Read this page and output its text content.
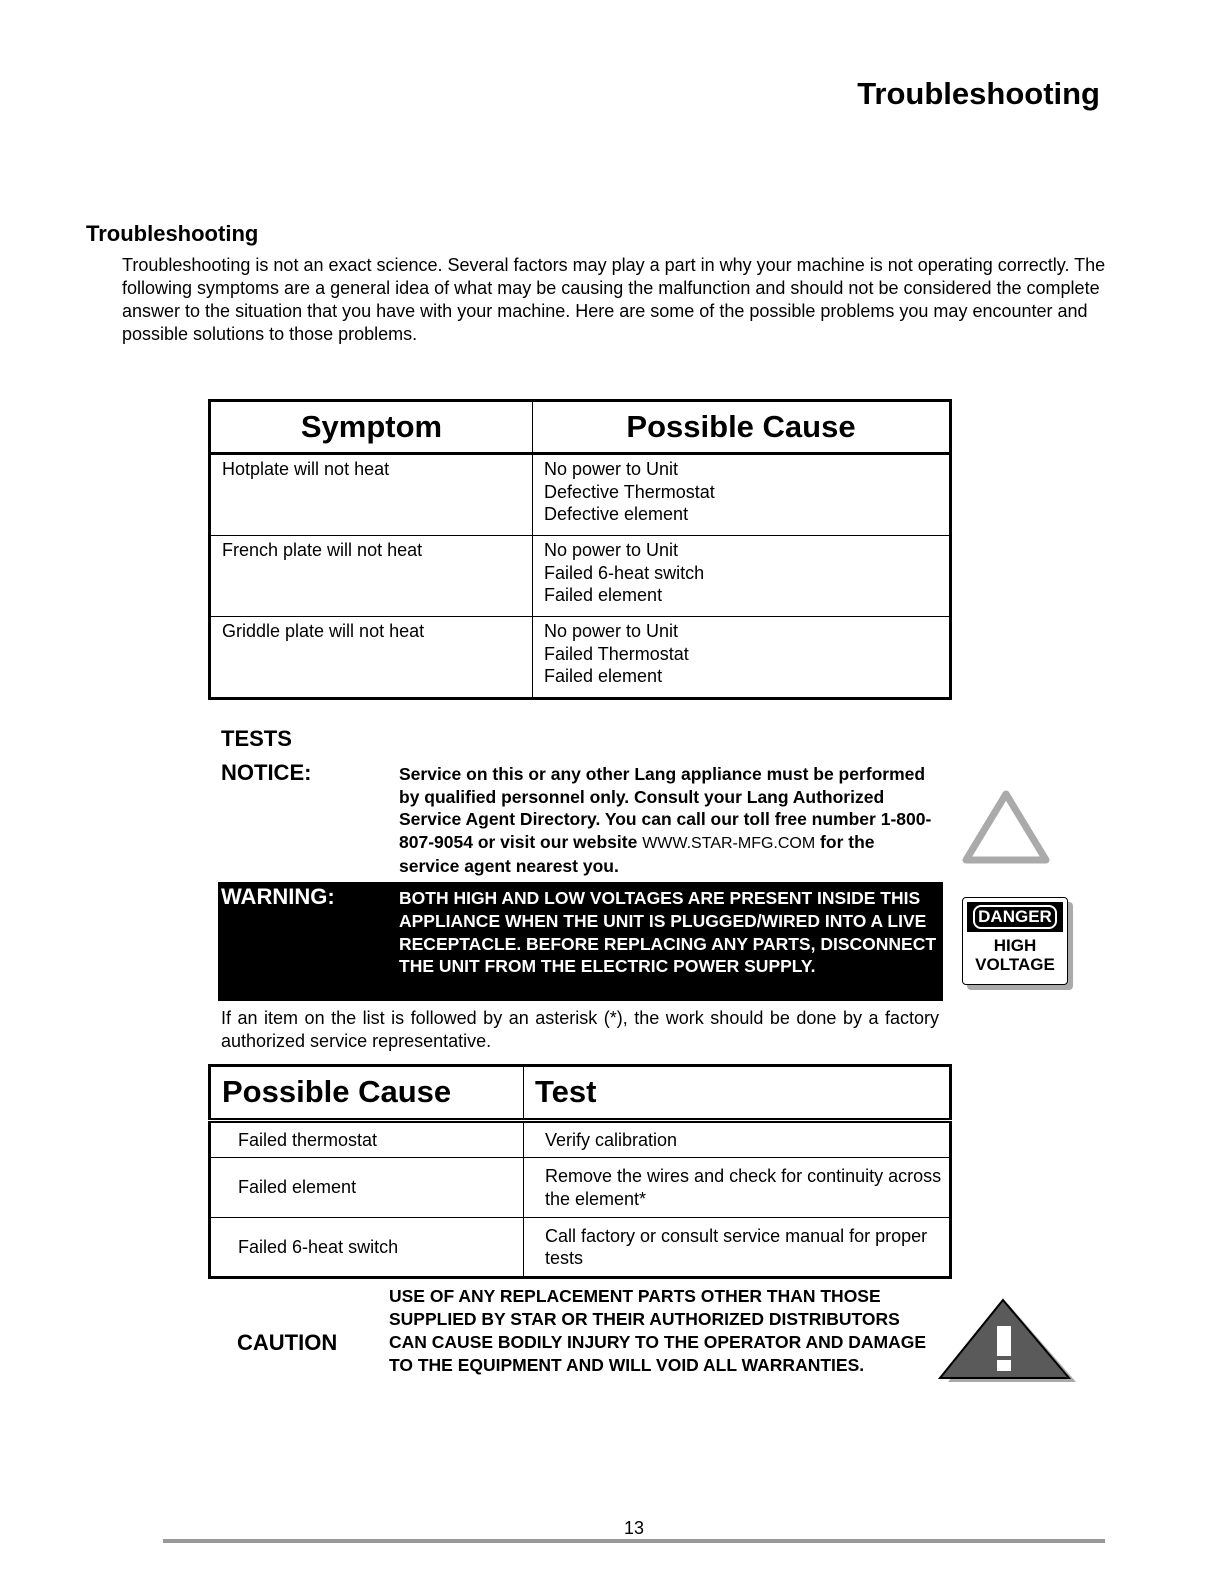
Troubleshooting
Troubleshooting
Troubleshooting is not an exact science. Several factors may play a part in why your machine is not operating correctly. The following symptoms are a general idea of what may be causing the malfunction and should not be considered the complete answer to the situation that you have with your machine. Here are some of the possible problems you may encounter and possible solutions to those problems.
Symptom	Possible Cause
Hotplate will not heat	No power to Unit
Defective Thermostat
Defective element

French plate will not heat	No power to Unit
Failed 6-heat switch
Failed element

Griddle plate will not heat	No power to Unit
Failed Thermostat
Failed element
TESTS
NOTICE:	Service on this or any other Lang appliance must be performed by qualified personnel only. Consult your Lang Authorized Service Agent Directory. You can call our toll free number 1-800-807-9054 or visit our website WWW.STAR-MFG.COM for the service agent nearest you.
WARNING:	BOTH HIGH AND LOW VOLTAGES ARE PRESENT INSIDE THIS APPLIANCE WHEN THE UNIT IS PLUGGED/WIRED INTO A LIVE RECEPTACLE. BEFORE REPLACING ANY PARTS, DISCONNECT THE UNIT FROM THE ELECTRIC POWER SUPPLY.
DANGER
HIGH
VOLTAGE
If an item on the list is followed by an asterisk (*), the work should be done by a factory authorized service representative.
Possible Cause	Test
Failed thermostat	Verify calibration
Failed element	Remove the wires and check for continuity across the element*
Failed 6-heat switch	Call factory or consult service manual for proper tests
CAUTION
USE OF ANY REPLACEMENT PARTS OTHER THAN THOSE SUPPLIED BY STAR OR THEIR AUTHORIZED DISTRIBUTORS CAN CAUSE BODILY INJURY TO THE OPERATOR AND DAMAGE TO THE EQUIPMENT AND WILL VOID ALL WARRANTIES.
13
